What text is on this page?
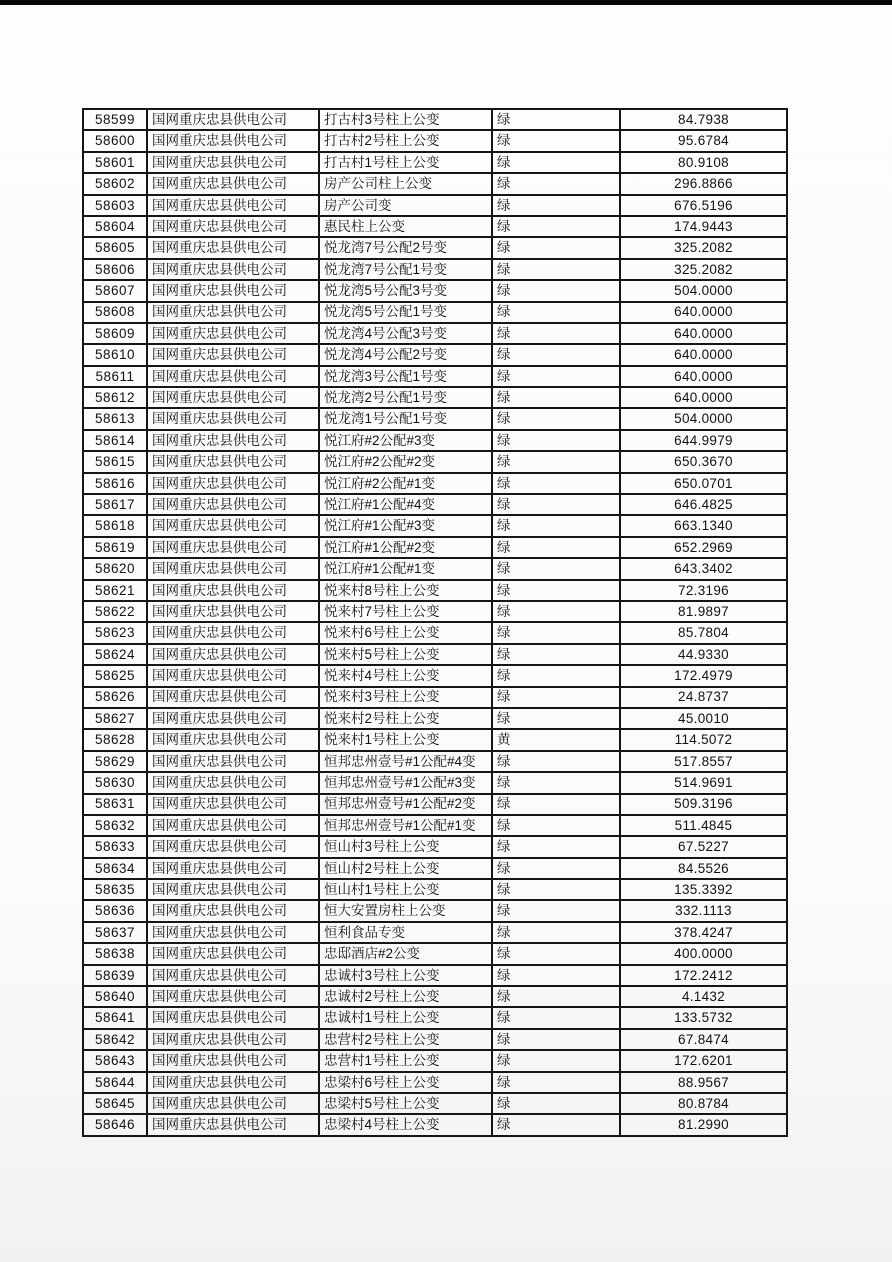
58599	国网重庆忠县供电公司	打古村3号柱上公变	绿	84.7938
58600	国网重庆忠县供电公司	打古村2号柱上公变	绿	95.6784
58601	国网重庆忠县供电公司	打古村1号柱上公变	绿	80.9108
58602	国网重庆忠县供电公司	房产公司柱上公变	绿	296.8866
58603	国网重庆忠县供电公司	房产公司变	绿	676.5196
58604	国网重庆忠县供电公司	惠民柱上公变	绿	174.9443
58605	国网重庆忠县供电公司	悦龙湾7号公配2号变	绿	325.2082
58606	国网重庆忠县供电公司	悦龙湾7号公配1号变	绿	325.2082
58607	国网重庆忠县供电公司	悦龙湾5号公配3号变	绿	504.0000
58608	国网重庆忠县供电公司	悦龙湾5号公配1号变	绿	640.0000
58609	国网重庆忠县供电公司	悦龙湾4号公配3号变	绿	640.0000
58610	国网重庆忠县供电公司	悦龙湾4号公配2号变	绿	640.0000
58611	国网重庆忠县供电公司	悦龙湾3号公配1号变	绿	640.0000
58612	国网重庆忠县供电公司	悦龙湾2号公配1号变	绿	640.0000
58613	国网重庆忠县供电公司	悦龙湾1号公配1号变	绿	504.0000
58614	国网重庆忠县供电公司	悦江府#2公配#3变	绿	644.9979
58615	国网重庆忠县供电公司	悦江府#2公配#2变	绿	650.3670
58616	国网重庆忠县供电公司	悦江府#2公配#1变	绿	650.0701
58617	国网重庆忠县供电公司	悦江府#1公配#4变	绿	646.4825
58618	国网重庆忠县供电公司	悦江府#1公配#3变	绿	663.1340
58619	国网重庆忠县供电公司	悦江府#1公配#2变	绿	652.2969
58620	国网重庆忠县供电公司	悦江府#1公配#1变	绿	643.3402
58621	国网重庆忠县供电公司	悦来村8号柱上公变	绿	72.3196
58622	国网重庆忠县供电公司	悦来村7号柱上公变	绿	81.9897
58623	国网重庆忠县供电公司	悦来村6号柱上公变	绿	85.7804
58624	国网重庆忠县供电公司	悦来村5号柱上公变	绿	44.9330
58625	国网重庆忠县供电公司	悦来村4号柱上公变	绿	172.4979
58626	国网重庆忠县供电公司	悦来村3号柱上公变	绿	24.8737
58627	国网重庆忠县供电公司	悦来村2号柱上公变	绿	45.0010
58628	国网重庆忠县供电公司	悦来村1号柱上公变	黄	114.5072
58629	国网重庆忠县供电公司	恒邦忠州壹号#1公配#4变	绿	517.8557
58630	国网重庆忠县供电公司	恒邦忠州壹号#1公配#3变	绿	514.9691
58631	国网重庆忠县供电公司	恒邦忠州壹号#1公配#2变	绿	509.3196
58632	国网重庆忠县供电公司	恒邦忠州壹号#1公配#1变	绿	511.4845
58633	国网重庆忠县供电公司	恒山村3号柱上公变	绿	67.5227
58634	国网重庆忠县供电公司	恒山村2号柱上公变	绿	84.5526
58635	国网重庆忠县供电公司	恒山村1号柱上公变	绿	135.3392
58636	国网重庆忠县供电公司	恒大安置房柱上公变	绿	332.1113
58637	国网重庆忠县供电公司	恒利食品专变	绿	378.4247
58638	国网重庆忠县供电公司	忠邸酒店#2公变	绿	400.0000
58639	国网重庆忠县供电公司	忠诚村3号柱上公变	绿	172.2412
58640	国网重庆忠县供电公司	忠诚村2号柱上公变	绿	4.1432
58641	国网重庆忠县供电公司	忠诚村1号柱上公变	绿	133.5732
58642	国网重庆忠县供电公司	忠营村2号柱上公变	绿	67.8474
58643	国网重庆忠县供电公司	忠营村1号柱上公变	绿	172.6201
58644	国网重庆忠县供电公司	忠梁村6号柱上公变	绿	88.9567
58645	国网重庆忠县供电公司	忠梁村5号柱上公变	绿	80.8784
58646	国网重庆忠县供电公司	忠梁村4号柱上公变	绿	81.2990
